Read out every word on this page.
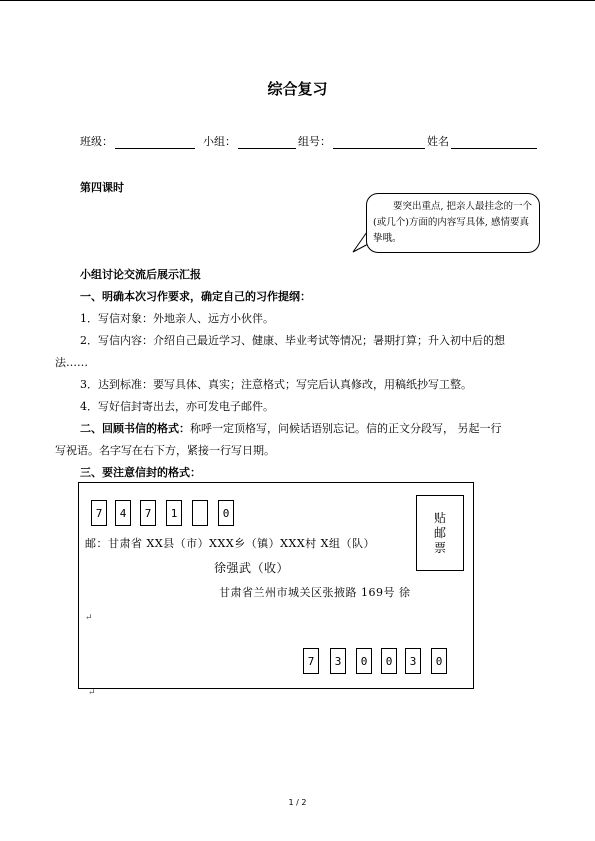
综合复习
班级：	小组：	组号：	姓名
第四课时
要突出重点, 把亲人最挂念的一个(或几个)方面的内容写具体, 感情要真挚哦。
小组讨论交流后展示汇报
一、明确本次习作要求，确定自己的习作提纲：
1．写信对象：外地亲人、远方小伙伴。
2．写信内容：介绍自己最近学习、健康、毕业考试等情况；暑期打算；升入初中后的想
法……
3．达到标准：要写具体、真实；注意格式；写完后认真修改，用稿纸抄写工整。
4．写好信封寄出去，亦可发电子邮件。
二、回顾书信的格式：称呼一定顶格写，问候话语别忘记。信的正文分段写， 另起一行
写祝语。名字写在右下方，紧接一行写日期。
三、要注意信封的格式：
7	4	7	1	0	贴
邮
票
邮：甘肃省 XX县（市）XXX乡（镇）XXX村 X组（队）
徐强武（收）
甘肃省兰州市城关区张掖路 169号 徐
↵
7	3	0	0	3	0
↵
1 / 2
